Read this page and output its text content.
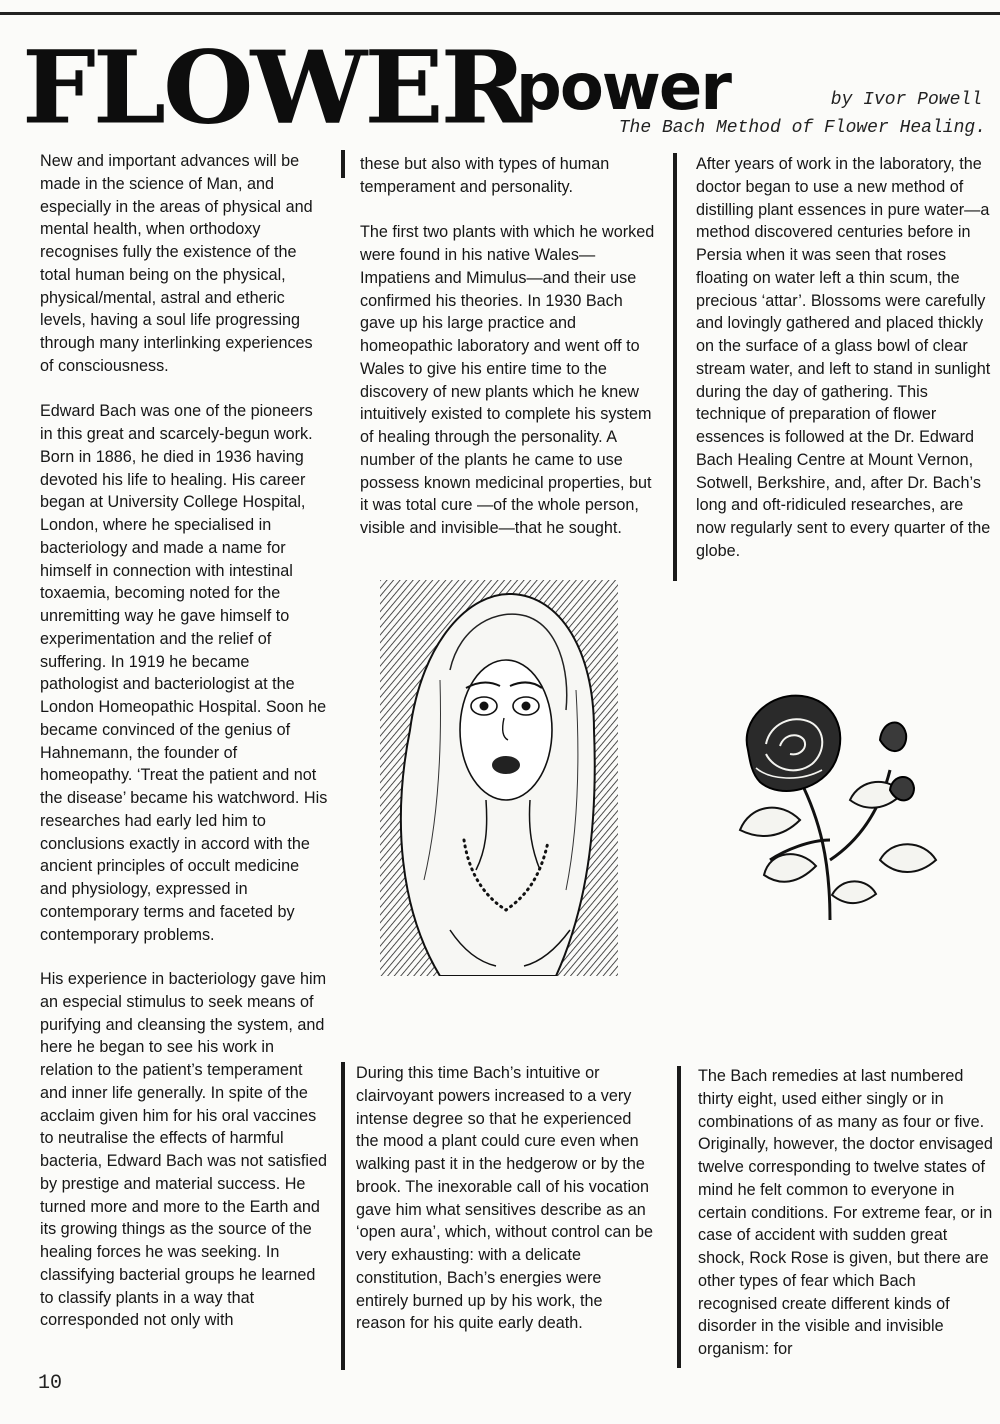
FLOWER
power	by Ivor Powell
The Bach Method of Flower Healing.

New and important advances will be made in the science of Man, and especially in the areas of physical and mental health, when orthodoxy recognises fully the existence of the total human being on the physical, physical/mental, astral and etheric levels, having a soul life progressing through many interlinking experiences of consciousness.

Edward Bach was one of the pioneers in this great and scarcely-begun work. Born in 1886, he died in 1936 having devoted his life to healing. His career began at University College Hospital, London, where he specialised in bacteriology and made a name for himself in connection with intestinal toxaemia, becoming noted for the unremitting way he gave himself to experimentation and the relief of suffering. In 1919 he became pathologist and bacteriologist at the London Homeopathic Hospital. Soon he became convinced of the genius of Hahnemann, the founder of homeopathy. ‘Treat the patient and not the disease’ became his watchword. His researches had early led him to conclusions exactly in accord with the ancient principles of occult medicine and physiology, expressed in contemporary terms and faceted by contemporary problems.

His experience in bacteriology gave him an especial stimulus to seek means of purifying and cleansing the system, and here he began to see his work in relation to the patient’s temperament and inner life generally. In spite of the acclaim given him for his oral vaccines to neutralise the effects of harmful bacteria, Edward Bach was not satisfied by prestige and material success. He turned more and more to the Earth and its growing things as the source of the healing forces he was seeking. In classifying bacterial groups he learned to classify plants in a way that corresponded not only with

these but also with types of human temperament and personality.

The first two plants with which he worked were found in his native Wales—Impatiens and Mimulus—and their use confirmed his theories. In 1930 Bach gave up his large practice and homeopathic laboratory and went off to Wales to give his entire time to the discovery of new plants which he knew intuitively existed to complete his system of healing through the personality. A number of the plants he came to use possess known medicinal properties, but it was total cure —of the whole person, visible and invisible—that he sought.

During this time Bach’s intuitive or clairvoyant powers increased to a very intense degree so that he experienced the mood a plant could cure even when walking past it in the hedgerow or by the brook. The inexorable call of his vocation gave him what sensitives describe as an ‘open aura’, which, without control can be very exhausting: with a delicate constitution, Bach’s energies were entirely burned up by his work, the reason for his quite early death.

After years of work in the laboratory, the doctor began to use a new method of distilling plant essences in pure water—a method discovered centuries before in Persia when it was seen that roses floating on water left a thin scum, the precious ‘attar’. Blossoms were carefully and lovingly gathered and placed thickly on the surface of a glass bowl of clear stream water, and left to stand in sunlight during the day of gathering. This technique of preparation of flower essences is followed at the Dr. Edward Bach Healing Centre at Mount Vernon, Sotwell, Berkshire, and, after Dr. Bach’s long and oft-ridiculed researches, are now regularly sent to every quarter of the globe.

The Bach remedies at last numbered thirty eight, used either singly or in combinations of as many as four or five. Originally, however, the doctor envisaged twelve corresponding to twelve states of mind he felt common to everyone in certain conditions. For extreme fear, or in case of accident with sudden great shock, Rock Rose is given, but there are other types of fear which Bach recognised create different kinds of disorder in the visible and invisible organism: for

10
